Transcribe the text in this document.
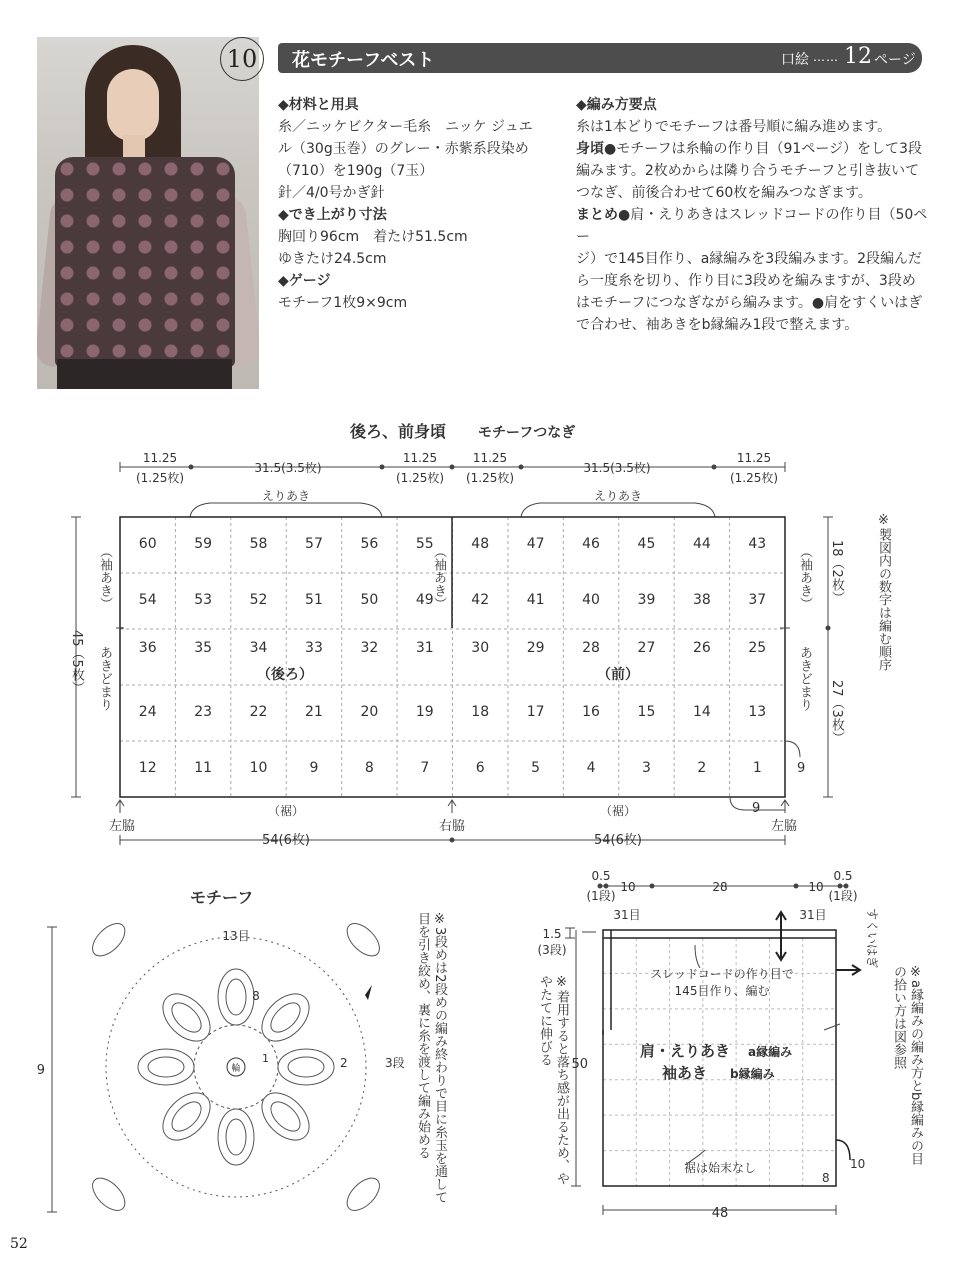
10	花モチーフベスト	口絵 …… 12 ページ
◆材料と用具
糸／ニッケビクター毛糸　ニッケ ジュエ
ル（30g玉巻）のグレー・赤紫系段染め
（710）を190g（7玉）
針／4/0号かぎ針
◆でき上がり寸法
胸回り96cm　着たけ51.5cm
ゆきたけ24.5cm
◆ゲージ
モチーフ1枚9×9cm
◆編み方要点
糸は1本どりでモチーフは番号順に編み進めます。
身頃●モチーフは糸輪の作り目（91ページ）をして3段
編みます。2枚めからは隣り合うモチーフと引き抜いて
つなぎ、前後合わせて60枚を編みつなぎます。
まとめ●肩・えりあきはスレッドコードの作り目（50ペー
ジ）で145目作り、a縁編みを3段編みます。2段編んだ
ら一度糸を切り、作り目に3段めを編みますが、3段め
はモチーフにつなぎながら編みます。●肩をすくいはぎ
で合わせ、袖あきをb縁編み1段で整えます。
後ろ、前身頃 モチーフつなぎ
11.25
(1.25枚)
31.5(3.5枚)
11.25
(1.25枚)
11.25
(1.25枚)
31.5(3.5枚)
11.25
(1.25枚)
えりあき	えりあき
60	59	58	57	56	55	48	47	46	45	44	43
54	53	52	51	50	49	42	41	40	39	38	37
36	35	34	33	32	31	30	29	28	27	26	25
24	23	22	21	20	19	18	17	16	15	14	13
12	11	10	9	8	7	6	5	4	3	2	1
（後ろ）	（前）
9
9
（裾）	（裾）
左脇	右脇	左脇
54(6枚)	54(6枚)
（袖あき）	（袖あき）	（袖あき）
あきどまり	あきどまり
45（5枚）
18（2枚）
27（3枚）
※製図内の数字は編む順序
モチーフ
9	輪
13目
8
1	2	3段	※3段めは2段めの編み終わりで目に糸玉を通して目を引き絞め、裏に糸を渡して編み始める
0.5
(1段)
10	28	10
0.5
(1段)
31目	31目
1.5
(3段)	すくいはぎ
スレッドコードの作り目で
145目作り、編む
肩・えりあき a縁編み
袖あき b縁編み
50
裾は始末なし
8
10
48
※着用すると落ち感が出るため、ややたてに伸びる	※a縁編みの編み方とb縁編みの目の拾い方は図参照
52
